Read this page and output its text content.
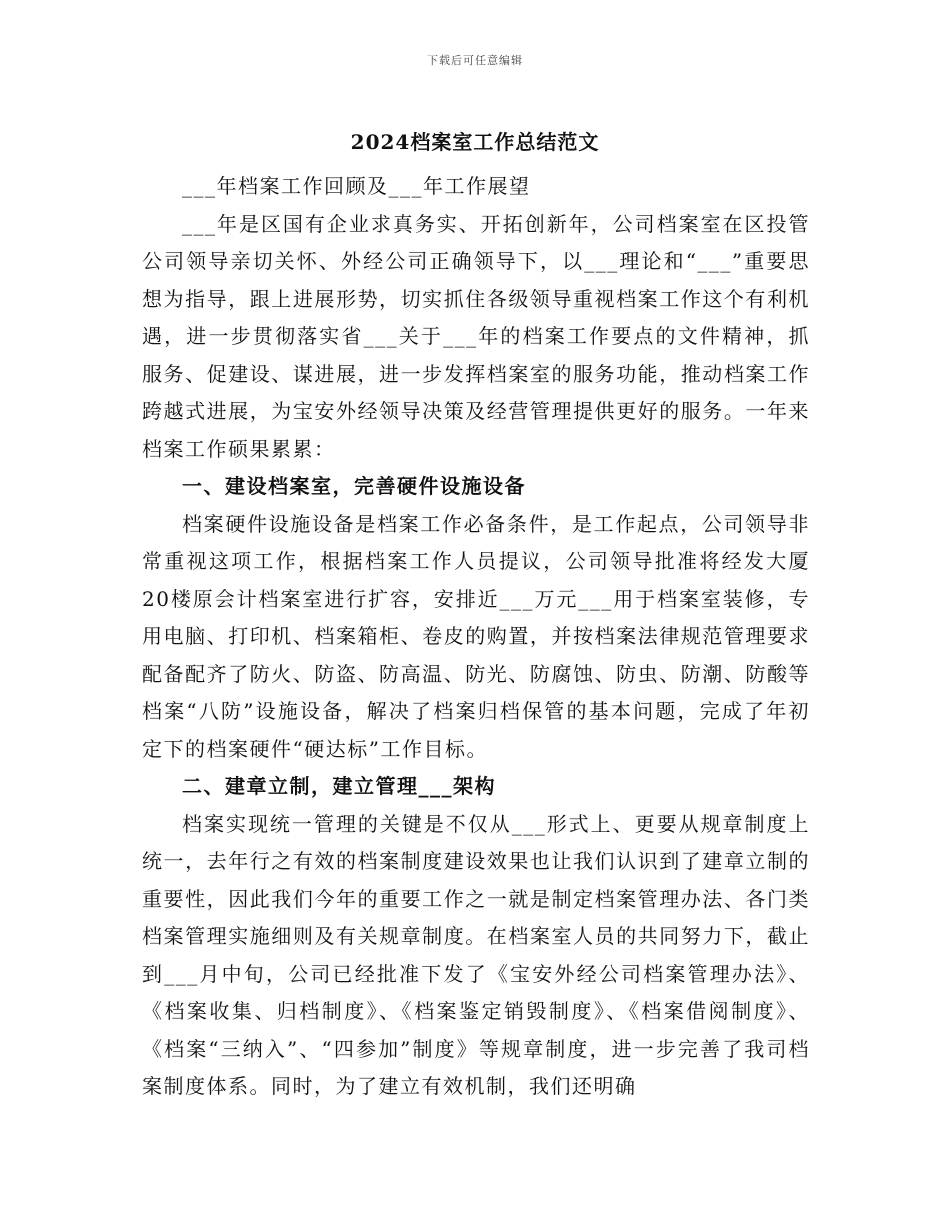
下载后可任意编辑
2024档案室工作总结范文

___年档案工作回顾及___年工作展望

___年是区国有企业求真务实、开拓创新年，公司档案室在区投管公司领导亲切关怀、外经公司正确领导下，以___理论和“___”重要思想为指导，跟上进展形势，切实抓住各级领导重视档案工作这个有利机遇，进一步贯彻落实省___关于___年的档案工作要点的文件精神，抓服务、促建设、谋进展，进一步发挥档案室的服务功能，推动档案工作跨越式进展，为宝安外经领导决策及经营管理提供更好的服务。一年来档案工作硕果累累：

一、建设档案室，完善硬件设施设备

档案硬件设施设备是档案工作必备条件，是工作起点，公司领导非常重视这项工作，根据档案工作人员提议，公司领导批准将经发大厦20楼原会计档案室进行扩容，安排近___万元___用于档案室装修，专用电脑、打印机、档案箱柜、卷皮的购置，并按档案法律规范管理要求配备配齐了防火、防盗、防高温、防光、防腐蚀、防虫、防潮、防酸等档案“八防”设施设备，解决了档案归档保管的基本问题，完成了年初定下的档案硬件“硬达标”工作目标。

二、建章立制，建立管理___架构

档案实现统一管理的关键是不仅从___形式上、更要从规章制度上统一，去年行之有效的档案制度建设效果也让我们认识到了建章立制的重要性，因此我们今年的重要工作之一就是制定档案管理办法、各门类档案管理实施细则及有关规章制度。在档案室人员的共同努力下，截止到___月中旬，公司已经批准下发了《宝安外经公司档案管理办法》、《档案收集、归档制度》、《档案鉴定销毁制度》、《档案借阅制度》、《档案“三纳入”、“四参加”制度》等规章制度，进一步完善了我司档案制度体系。同时，为了建立有效机制，我们还明确
